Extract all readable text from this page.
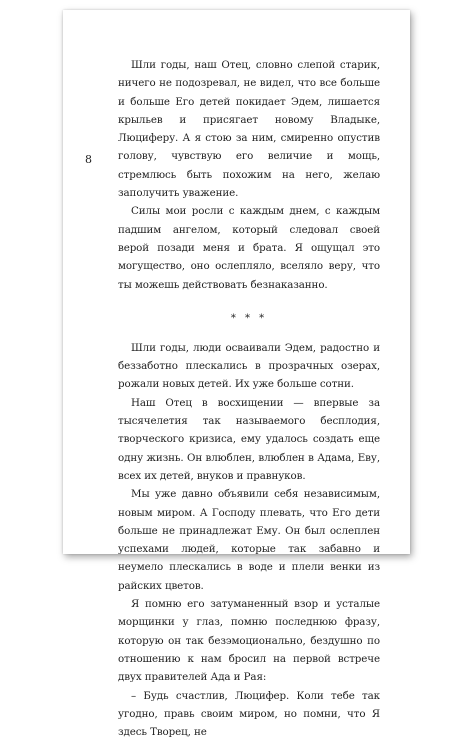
8

Шли годы, наш Отец, словно слепой старик, ничего не подозревал, не видел, что все больше и больше Его детей покидает Эдем, лишается крыльев и присягает новому Владыке, Люциферу. А я стою за ним, смиренно опустив голову, чувствую его величие и мощь, стремлюсь быть похожим на него, желаю заполучить уважение.

Силы мои росли с каждым днем, с каждым падшим ангелом, который следовал своей верой позади меня и брата. Я ощущал это могущество, оно ослепляло, вселяло веру, что ты можешь действовать безнаказанно.

* * *

Шли годы, люди осваивали Эдем, радостно и беззаботно плескались в прозрачных озерах, рожали новых детей. Их уже больше сотни.

Наш Отец в восхищении — впервые за тысячелетия так называемого бесплодия, творческого кризиса, ему удалось создать еще одну жизнь. Он влюблен, влюблен в Адама, Еву, всех их детей, внуков и правнуков.

Мы уже давно объявили себя независимым, новым миром. А Господу плевать, что Его дети больше не принадлежат Ему. Он был ослеплен успехами людей, которые так забавно и неумело плескались в воде и плели венки из райских цветов.

Я помню его затуманенный взор и усталые морщинки у глаз, помню последнюю фразу, которую он так безэмоционально, бездушно по отношению к нам бросил на первой встрече двух правителей Ада и Рая:

– Будь счастлив, Люцифер. Коли тебе так угодно, правь своим миром, но помни, что Я здесь Творец, не
